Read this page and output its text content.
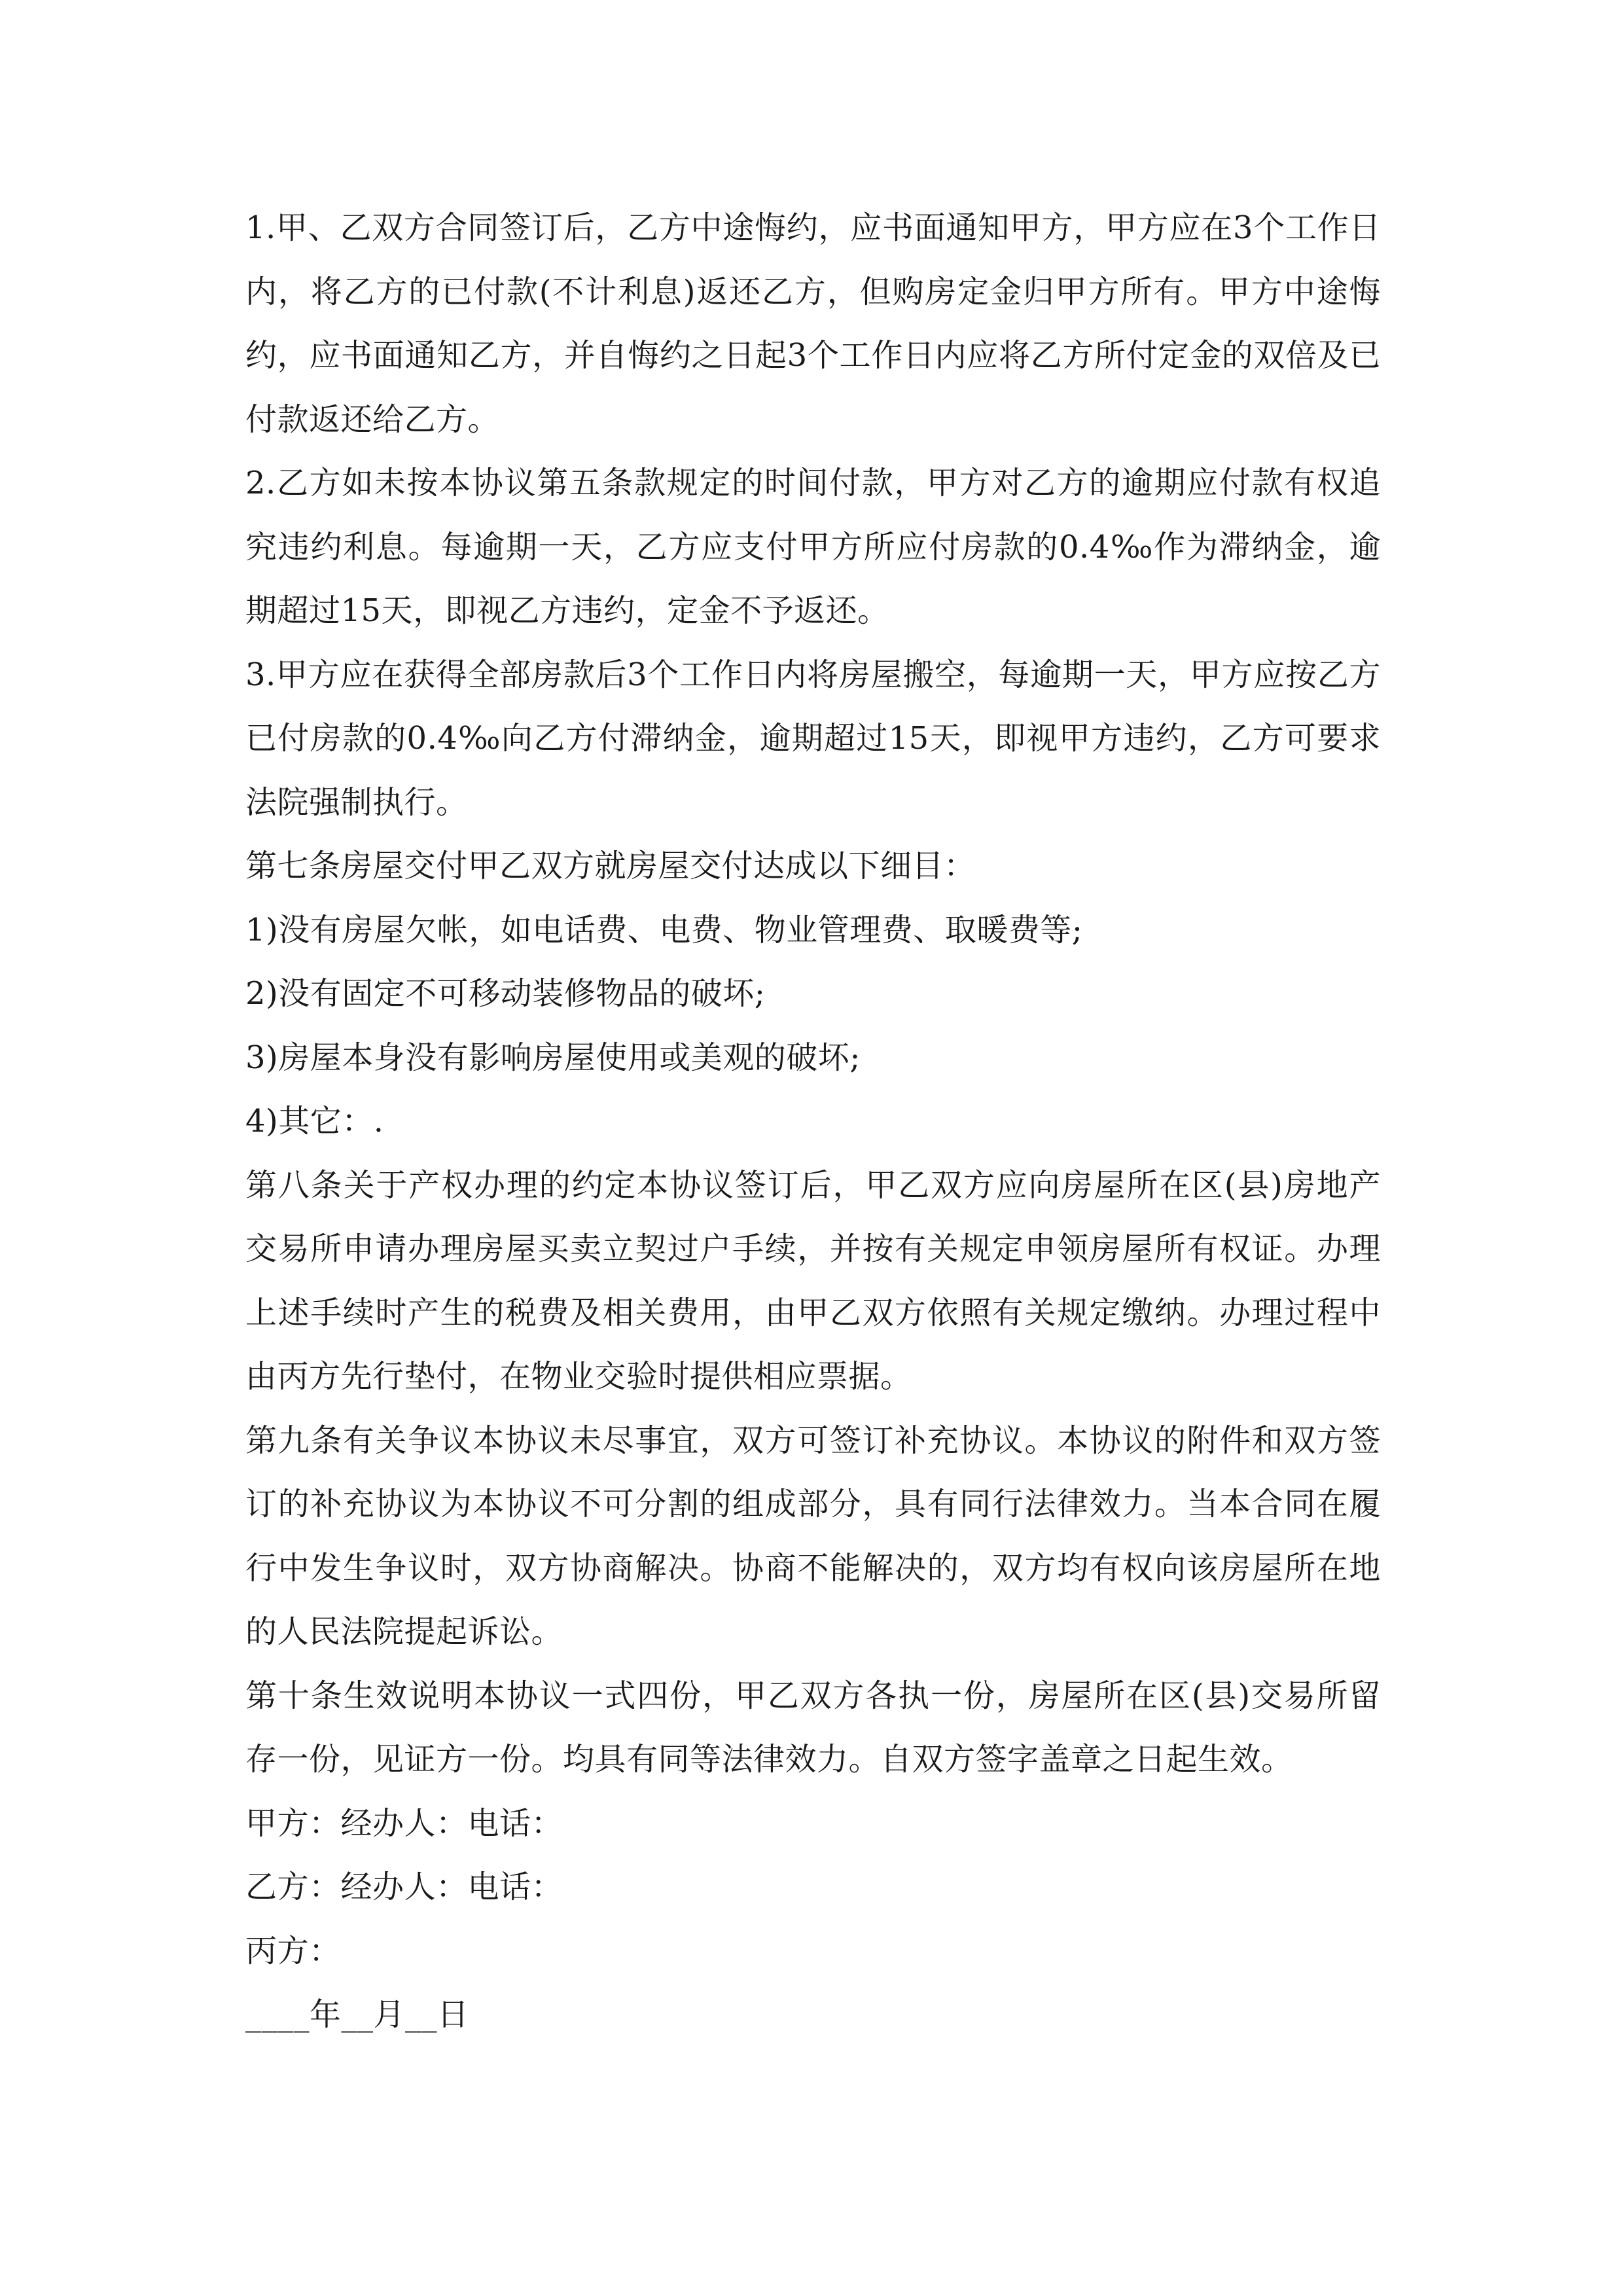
1.甲、乙双方合同签订后，乙方中途悔约，应书面通知甲方，甲方应在3个工作日内，将乙方的已付款(不计利息)返还乙方，但购房定金归甲方所有。甲方中途悔约，应书面通知乙方，并自悔约之日起3个工作日内应将乙方所付定金的双倍及已付款返还给乙方。

2.乙方如未按本协议第五条款规定的时间付款，甲方对乙方的逾期应付款有权追究违约利息。每逾期一天，乙方应支付甲方所应付房款的0.4‰作为滞纳金，逾期超过15天，即视乙方违约，定金不予返还。

3.甲方应在获得全部房款后3个工作日内将房屋搬空，每逾期一天，甲方应按乙方已付房款的0.4‰向乙方付滞纳金，逾期超过15天，即视甲方违约，乙方可要求法院强制执行。

第七条房屋交付甲乙双方就房屋交付达成以下细目：

1)没有房屋欠帐，如电话费、电费、物业管理费、取暖费等;

2)没有固定不可移动装修物品的破坏;

3)房屋本身没有影响房屋使用或美观的破坏;

4)其它：.

第八条关于产权办理的约定本协议签订后，甲乙双方应向房屋所在区(县)房地产交易所申请办理房屋买卖立契过户手续，并按有关规定申领房屋所有权证。办理上述手续时产生的税费及相关费用，由甲乙双方依照有关规定缴纳。办理过程中由丙方先行垫付，在物业交验时提供相应票据。

第九条有关争议本协议未尽事宜，双方可签订补充协议。本协议的附件和双方签订的补充协议为本协议不可分割的组成部分，具有同行法律效力。当本合同在履行中发生争议时，双方协商解决。协商不能解决的，双方均有权向该房屋所在地的人民法院提起诉讼。

第十条生效说明本协议一式四份，甲乙双方各执一份，房屋所在区(县)交易所留存一份，见证方一份。均具有同等法律效力。自双方签字盖章之日起生效。

甲方：经办人：电话：

乙方：经办人：电话：

丙方：

____年__月__日
